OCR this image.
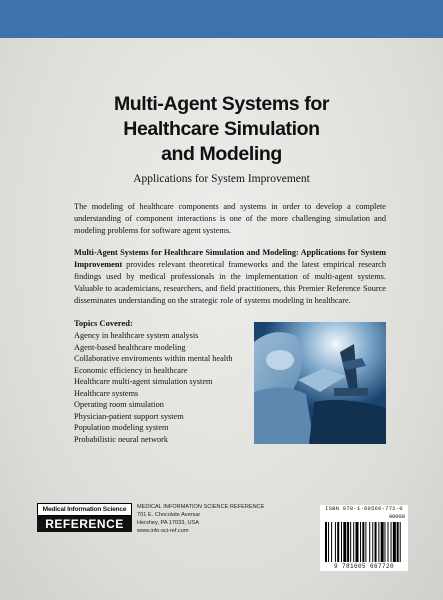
Multi-Agent Systems for
Healthcare Simulation
and Modeling
Applications for System Improvement

The modeling of healthcare components and systems in order to develop a complete understanding of component interactions is one of the more challenging simulation and modeling problems for software agent systems.

Multi-Agent Systems for Healthcare Simulation and Modeling: Applications for System Improvement provides relevant theoretical frameworks and the latest empirical research findings used by medical professionals in the implementation of multi-agent systems. Valuable to academicians, researchers, and field practitioners, this Premier Reference Source disseminates understanding on the strategic role of systems modeling in healthcare.

Topics Covered:
Agency in healthcare system analysis
Agent-based healthcare modeling
Collaborative enviroments within mental health
Economic efficiency in healthcare
Healthcare multi-agent simulation system
Healthcare systems
Operating room simulation
Physician-patient support system
Population modeling system
Probabilistic neural network
Medical Information Science
REFERENCE
MEDICAL INFORMATION SCIENCE REFERENCE
701 E. Chocolate Avenue
Hershey, PA 17033, USA
www.info-sci-ref.com
ISBN 978-1-60566-772-0
90000
9 781605 667720
